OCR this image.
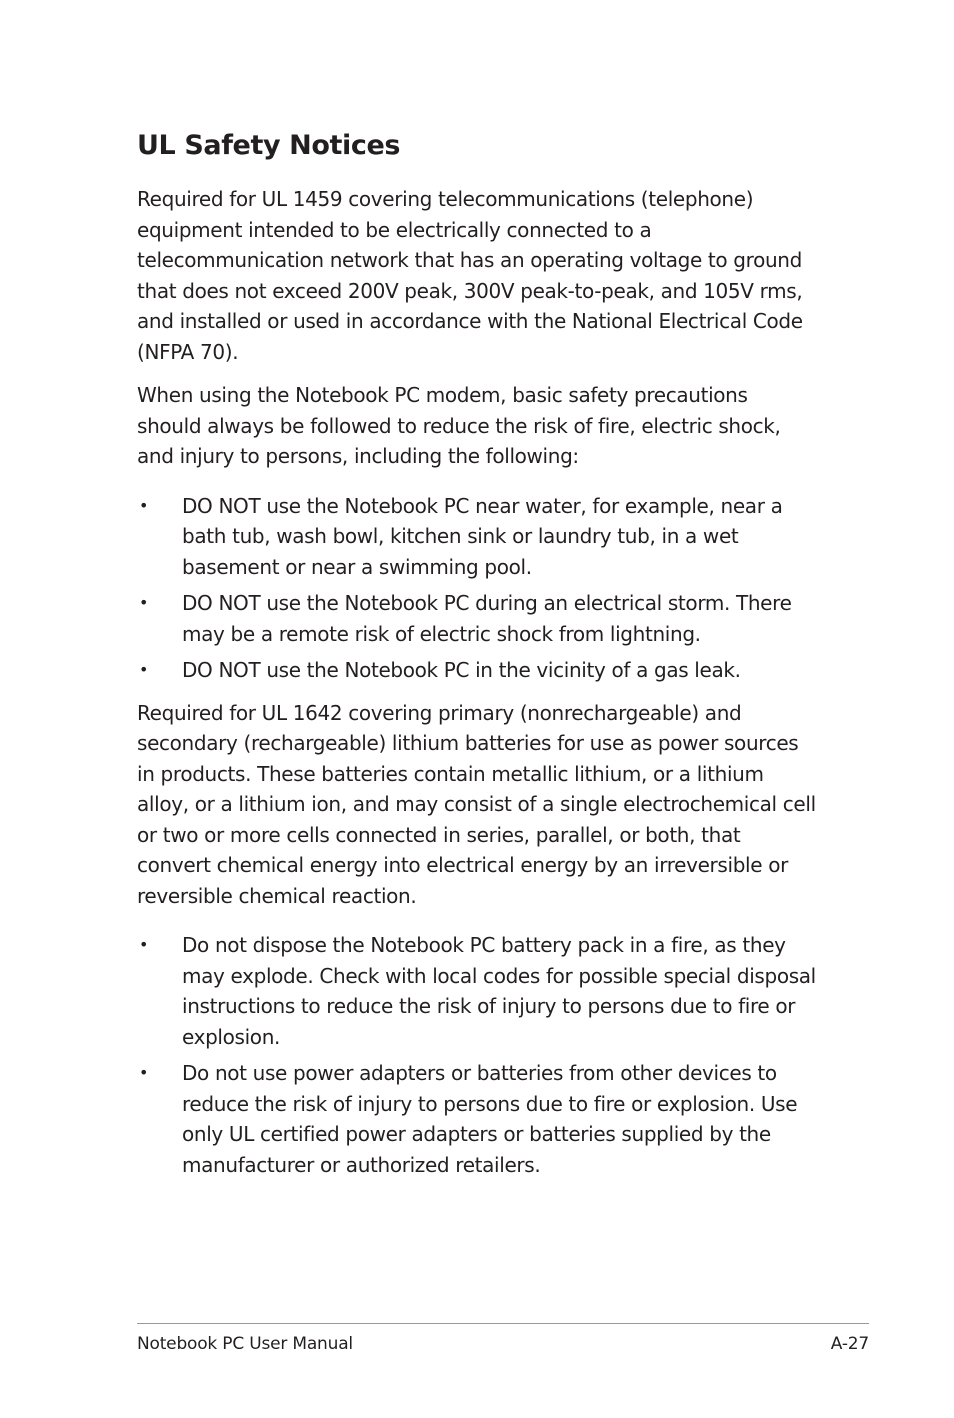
UL Safety Notices

Required for UL 1459 covering telecommunications (telephone) equipment intended to be electrically connected to a telecommunication network that has an operating voltage to ground that does not exceed 200V peak, 300V peak-to-peak, and 105V rms, and installed or used in accordance with the National Electrical Code (NFPA 70).

When using the Notebook PC modem, basic safety precautions should always be followed to reduce the risk of fire, electric shock, and injury to persons, including the following:

• DO NOT use the Notebook PC near water, for example, near a bath tub, wash bowl, kitchen sink or laundry tub, in a wet basement or near a swimming pool.
• DO NOT use the Notebook PC during an electrical storm. There may be a remote risk of electric shock from lightning.
• DO NOT use the Notebook PC in the vicinity of a gas leak.

Required for UL 1642 covering primary (nonrechargeable) and secondary (rechargeable) lithium batteries for use as power sources in products. These batteries contain metallic lithium, or a lithium alloy, or a lithium ion, and may consist of a single electrochemical cell or two or more cells connected in series, parallel, or both, that convert chemical energy into electrical energy by an irreversible or reversible chemical reaction.

• Do not dispose the Notebook PC battery pack in a fire, as they may explode. Check with local codes for possible special disposal instructions to reduce the risk of injury to persons due to fire or explosion.
• Do not use power adapters or batteries from other devices to reduce the risk of injury to persons due to fire or explosion. Use only UL certified power adapters or batteries supplied by the manufacturer or authorized retailers.
Notebook PC User Manual	A-27
